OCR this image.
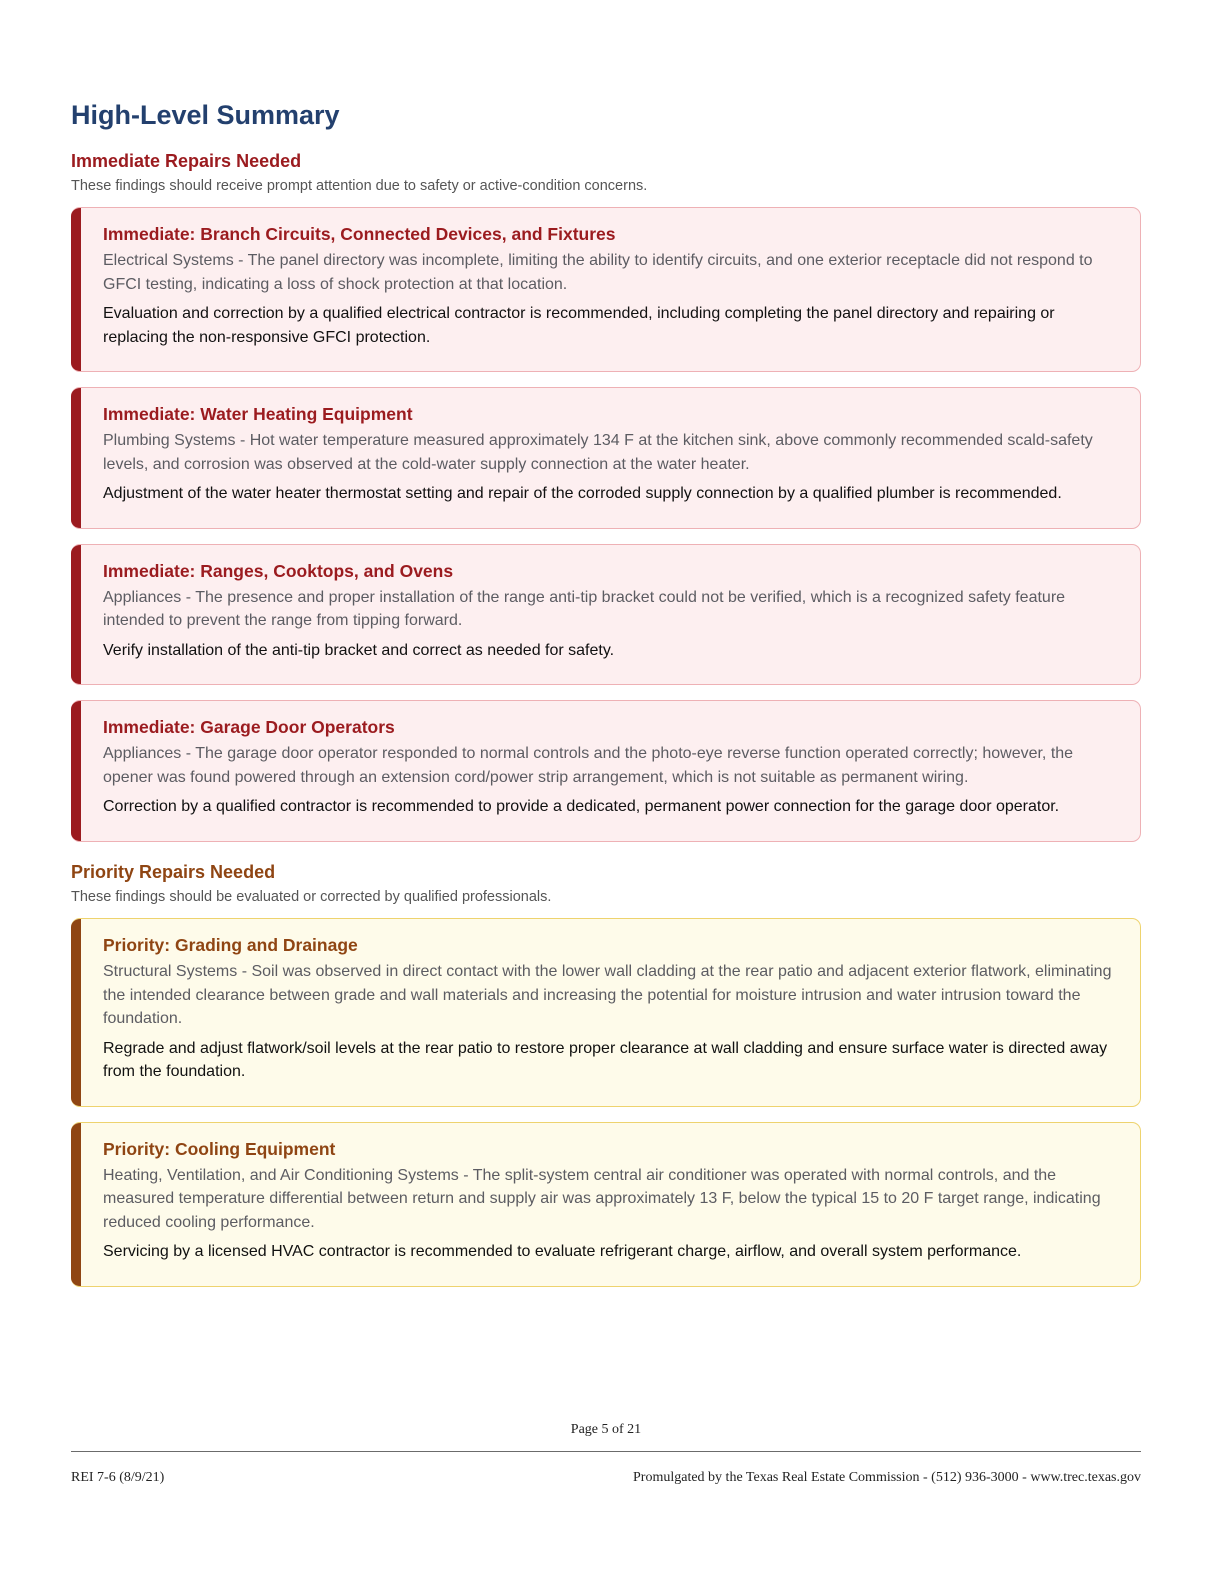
High-Level Summary
Immediate Repairs Needed

These findings should receive prompt attention due to safety or active-condition concerns.

Immediate: Branch Circuits, Connected Devices, and Fixtures

Electrical Systems - The panel directory was incomplete, limiting the ability to identify circuits, and one exterior receptacle did not respond to GFCI testing, indicating a loss of shock protection at that location.

Evaluation and correction by a qualified electrical contractor is recommended, including completing the panel directory and repairing or replacing the non-responsive GFCI protection.

Immediate: Water Heating Equipment

Plumbing Systems - Hot water temperature measured approximately 134 F at the kitchen sink, above commonly recommended scald-safety levels, and corrosion was observed at the cold-water supply connection at the water heater.

Adjustment of the water heater thermostat setting and repair of the corroded supply connection by a qualified plumber is recommended.

Immediate: Ranges, Cooktops, and Ovens

Appliances - The presence and proper installation of the range anti-tip bracket could not be verified, which is a recognized safety feature intended to prevent the range from tipping forward.

Verify installation of the anti-tip bracket and correct as needed for safety.

Immediate: Garage Door Operators

Appliances - The garage door operator responded to normal controls and the photo-eye reverse function operated correctly; however, the opener was found powered through an extension cord/power strip arrangement, which is not suitable as permanent wiring.

Correction by a qualified contractor is recommended to provide a dedicated, permanent power connection for the garage door operator.

Priority Repairs Needed

These findings should be evaluated or corrected by qualified professionals.

Priority: Grading and Drainage

Structural Systems - Soil was observed in direct contact with the lower wall cladding at the rear patio and adjacent exterior flatwork, eliminating the intended clearance between grade and wall materials and increasing the potential for moisture intrusion and water intrusion toward the foundation.

Regrade and adjust flatwork/soil levels at the rear patio to restore proper clearance at wall cladding and ensure surface water is directed away from the foundation.

Priority: Cooling Equipment

Heating, Ventilation, and Air Conditioning Systems - The split-system central air conditioner was operated with normal controls, and the measured temperature differential between return and supply air was approximately 13 F, below the typical 15 to 20 F target range, indicating reduced cooling performance.

Servicing by a licensed HVAC contractor is recommended to evaluate refrigerant charge, airflow, and overall system performance.

Page 5 of 21
REI 7-6 (8/9/21)	Promulgated by the Texas Real Estate Commission - (512) 936-3000 - www.trec.texas.gov
